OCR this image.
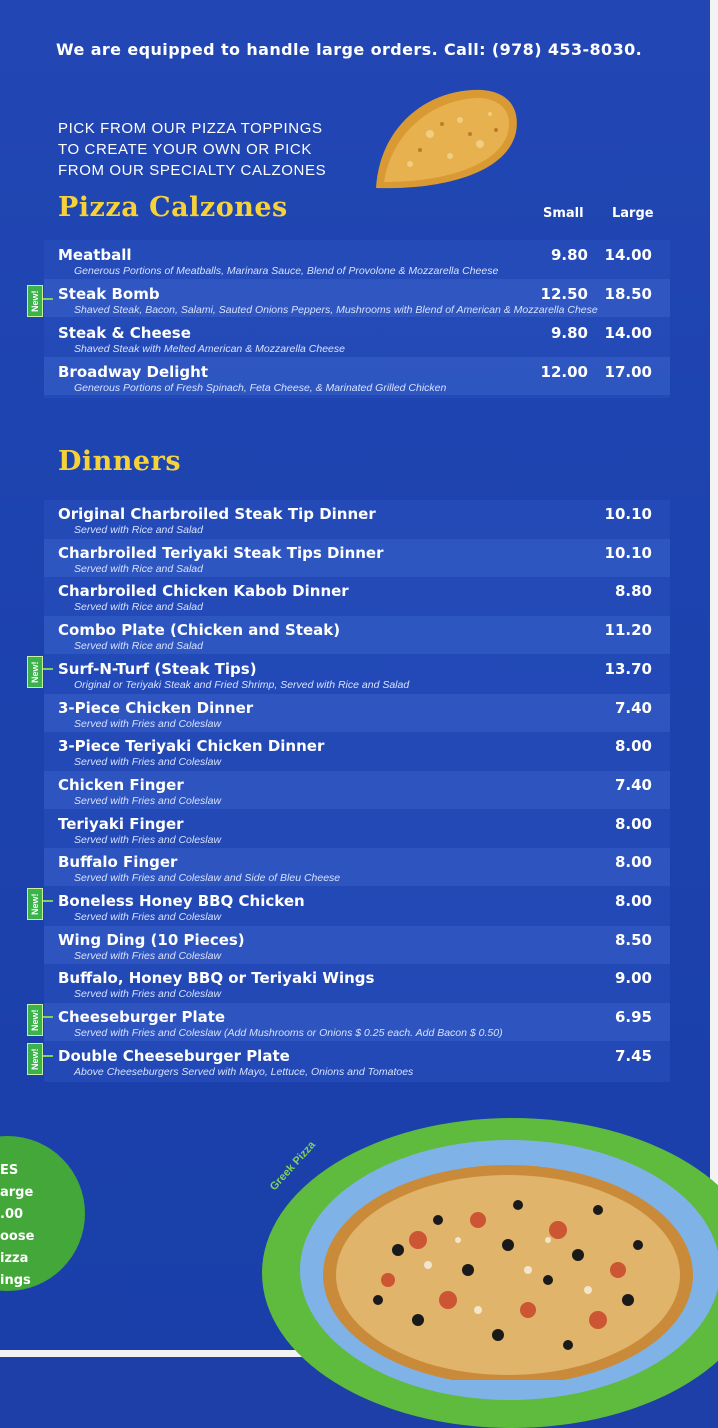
We are equipped to handle large orders. Call: (978) 453-8030.
PICK FROM OUR PIZZA TOPPINGS
TO CREATE YOUR OWN OR PICK
FROM OUR SPECIALTY CALZONES
Pizza Calzones	Small Large
Meatball
Generous Portions of Meatballs, Marinara Sauce, Blend of Provolone & Mozzarella Cheese
9.80	14.00
Steak Bomb
Shaved Steak, Bacon, Salami, Sauted Onions Peppers, Mushrooms with Blend of American & Mozzarella Chese
12.50	18.50
Steak & Cheese
Shaved Steak with Melted American & Mozzarella Cheese
9.80	14.00
Broadway Delight
Generous Portions of Fresh Spinach, Feta Cheese, & Marinated Grilled Chicken
12.00	17.00
New!
Dinners
Original Charbroiled Steak Tip Dinner
Served with Rice and Salad
10.10
Charbroiled Teriyaki Steak Tips Dinner
Served with Rice and Salad
10.10
Charbroiled Chicken Kabob Dinner
Served with Rice and Salad
8.80
Combo Plate (Chicken and Steak)
Served with Rice and Salad
11.20
Surf-N-Turf (Steak Tips)
Original or Teriyaki Steak and Fried Shrimp, Served with Rice and Salad
13.70
3-Piece Chicken Dinner
Served with Fries and Coleslaw
7.40
3-Piece Teriyaki Chicken Dinner
Served with Fries and Coleslaw
8.00
Chicken Finger
Served with Fries and Coleslaw
7.40
Teriyaki Finger
Served with Fries and Coleslaw
8.00
Buffalo Finger
Served with Fries and Coleslaw and Side of Bleu Cheese
8.00
Boneless Honey BBQ Chicken
Served with Fries and Coleslaw
8.00
Wing Ding (10 Pieces)
Served with Fries and Coleslaw
8.50
Buffalo, Honey BBQ or Teriyaki Wings
Served with Fries and Coleslaw
9.00
Cheeseburger Plate
Served with Fries and Coleslaw (Add Mushrooms or Onions $ 0.25 each. Add Bacon $ 0.50)
6.95
Double Cheeseburger Plate
Above Cheeseburgers Served with Mayo, Lettuce, Onions and Tomatoes
7.45
New!
New!
New!
New!
ES
arge
.00
oose
izza
ings
Greek Pizza
